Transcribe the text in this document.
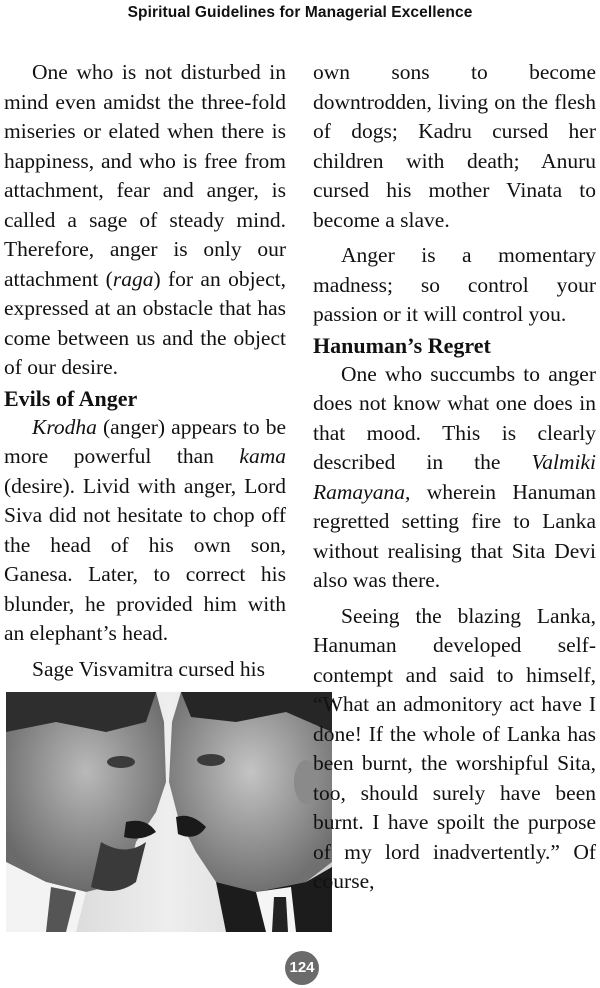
Spiritual Guidelines for Managerial Excellence

One who is not disturbed in mind even amidst the three-fold miseries or elated when there is happiness, and who is free from attachment, fear and anger, is called a sage of steady mind. Therefore, anger is only our attachment (raga) for an object, expressed at an obstacle that has come between us and the object of our desire.

Evils of Anger

Krodha (anger) appears to be more powerful than kama (desire). Livid with anger, Lord Siva did not hesitate to chop off the head of his own son, Ganesa. Later, to correct his blunder, he provided him with an elephant’s head.

Sage Visvamitra cursed his

own sons to become downtrodden, living on the flesh of dogs; Kadru cursed her children with death; Anuru cursed his mother Vinata to become a slave.

Anger is a momentary madness; so control your passion or it will control you.

Hanuman’s Regret

One who succumbs to anger does not know what one does in that mood. This is clearly described in the Valmiki Ramayana, wherein Hanuman regretted setting fire to Lanka without realising that Sita Devi also was there.

Seeing the blazing Lanka, Hanuman developed self-contempt and said to himself, “What an admonitory act have I done! If the whole of Lanka has been burnt, the worshipful Sita, too, should surely have been burnt. I have spoilt the purpose of my lord inadvertently.” Of course,

124
